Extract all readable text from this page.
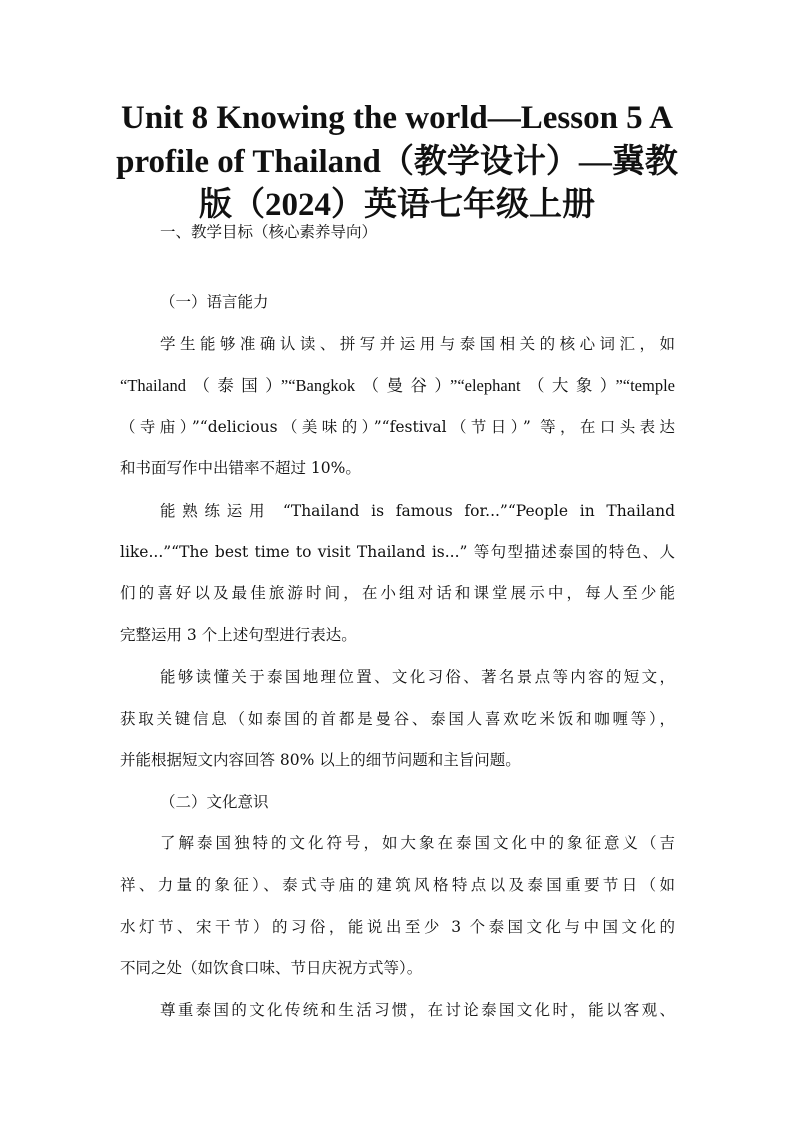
Unit 8 Knowing the world—Lesson 5 A
profile of Thailand（教学设计）—冀教
版（2024）英语七年级上册
一、教学目标（核心素养导向）
（一）语言能力
学生能够准确认读、拼写并运用与泰国相关的核心词汇，如
“Thailand（泰国）”“Bangkok（曼谷）”“elephant（大象）”“temple
（寺庙）”“delicious（美味的）”“festival（节日）” 等，在口头表达
和书面写作中出错率不超过 10%。
能熟练运用 “Thailand is famous for...”“People in Thailand
like...”“The best time to visit Thailand is...” 等句型描述泰国的特色、人
们的喜好以及最佳旅游时间，在小组对话和课堂展示中，每人至少能
完整运用 3 个上述句型进行表达。
能够读懂关于泰国地理位置、文化习俗、著名景点等内容的短文，
获取关键信息（如泰国的首都是曼谷、泰国人喜欢吃米饭和咖喱等），
并能根据短文内容回答 80% 以上的细节问题和主旨问题。
（二）文化意识
了解泰国独特的文化符号，如大象在泰国文化中的象征意义（吉
祥、力量的象征）、泰式寺庙的建筑风格特点以及泰国重要节日（如
水灯节、宋干节）的习俗，能说出至少 3 个泰国文化与中国文化的
不同之处（如饮食口味、节日庆祝方式等）。
尊重泰国的文化传统和生活习惯，在讨论泰国文化时，能以客观、
